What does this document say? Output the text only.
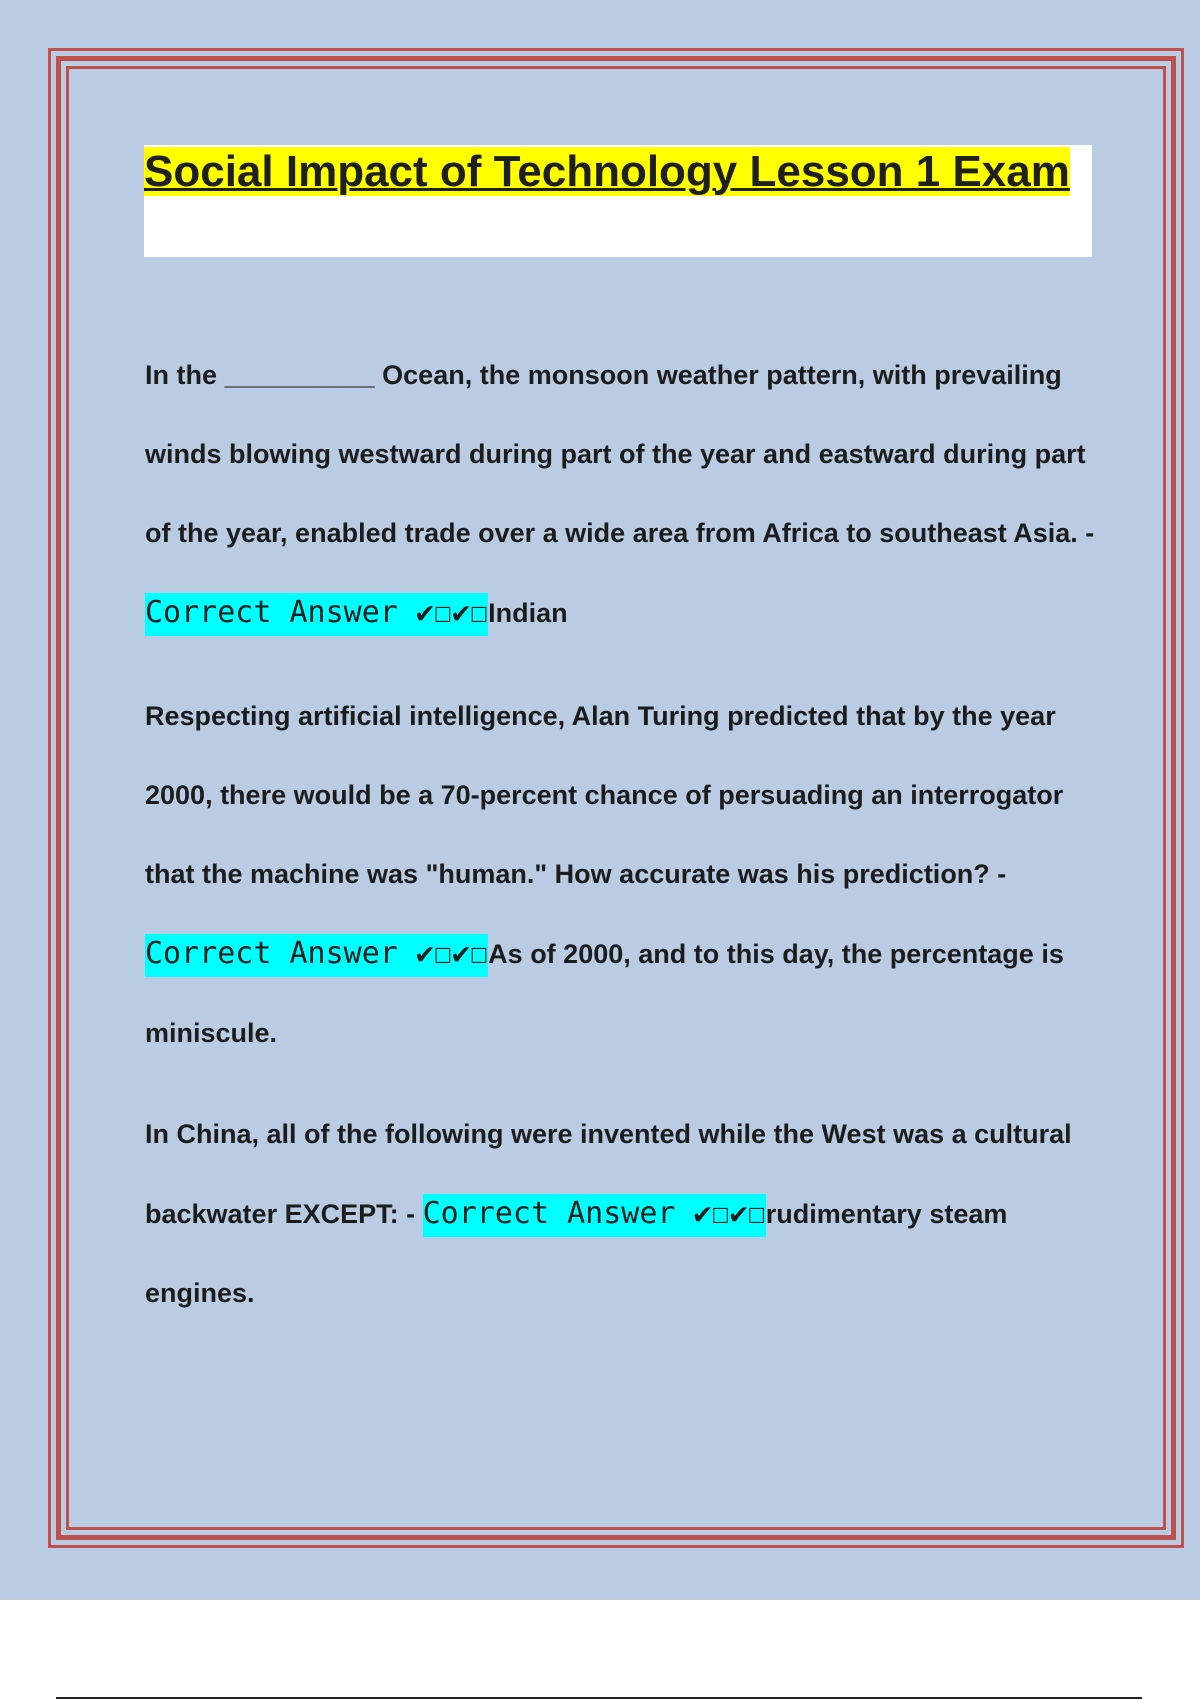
Social Impact of Technology Lesson 1 Exam

In the __________ Ocean, the monsoon weather pattern, with prevailing winds blowing westward during part of the year and eastward during part of the year, enabled trade over a wide area from Africa to southeast Asia. - Correct Answer ✔☐✔☐Indian

Respecting artificial intelligence, Alan Turing predicted that by the year 2000, there would be a 70-percent chance of persuading an interrogator that the machine was "human." How accurate was his prediction? - Correct Answer ✔☐✔☐As of 2000, and to this day, the percentage is miniscule.

In China, all of the following were invented while the West was a cultural backwater EXCEPT: - Correct Answer ✔☐✔☐rudimentary steam engines.
